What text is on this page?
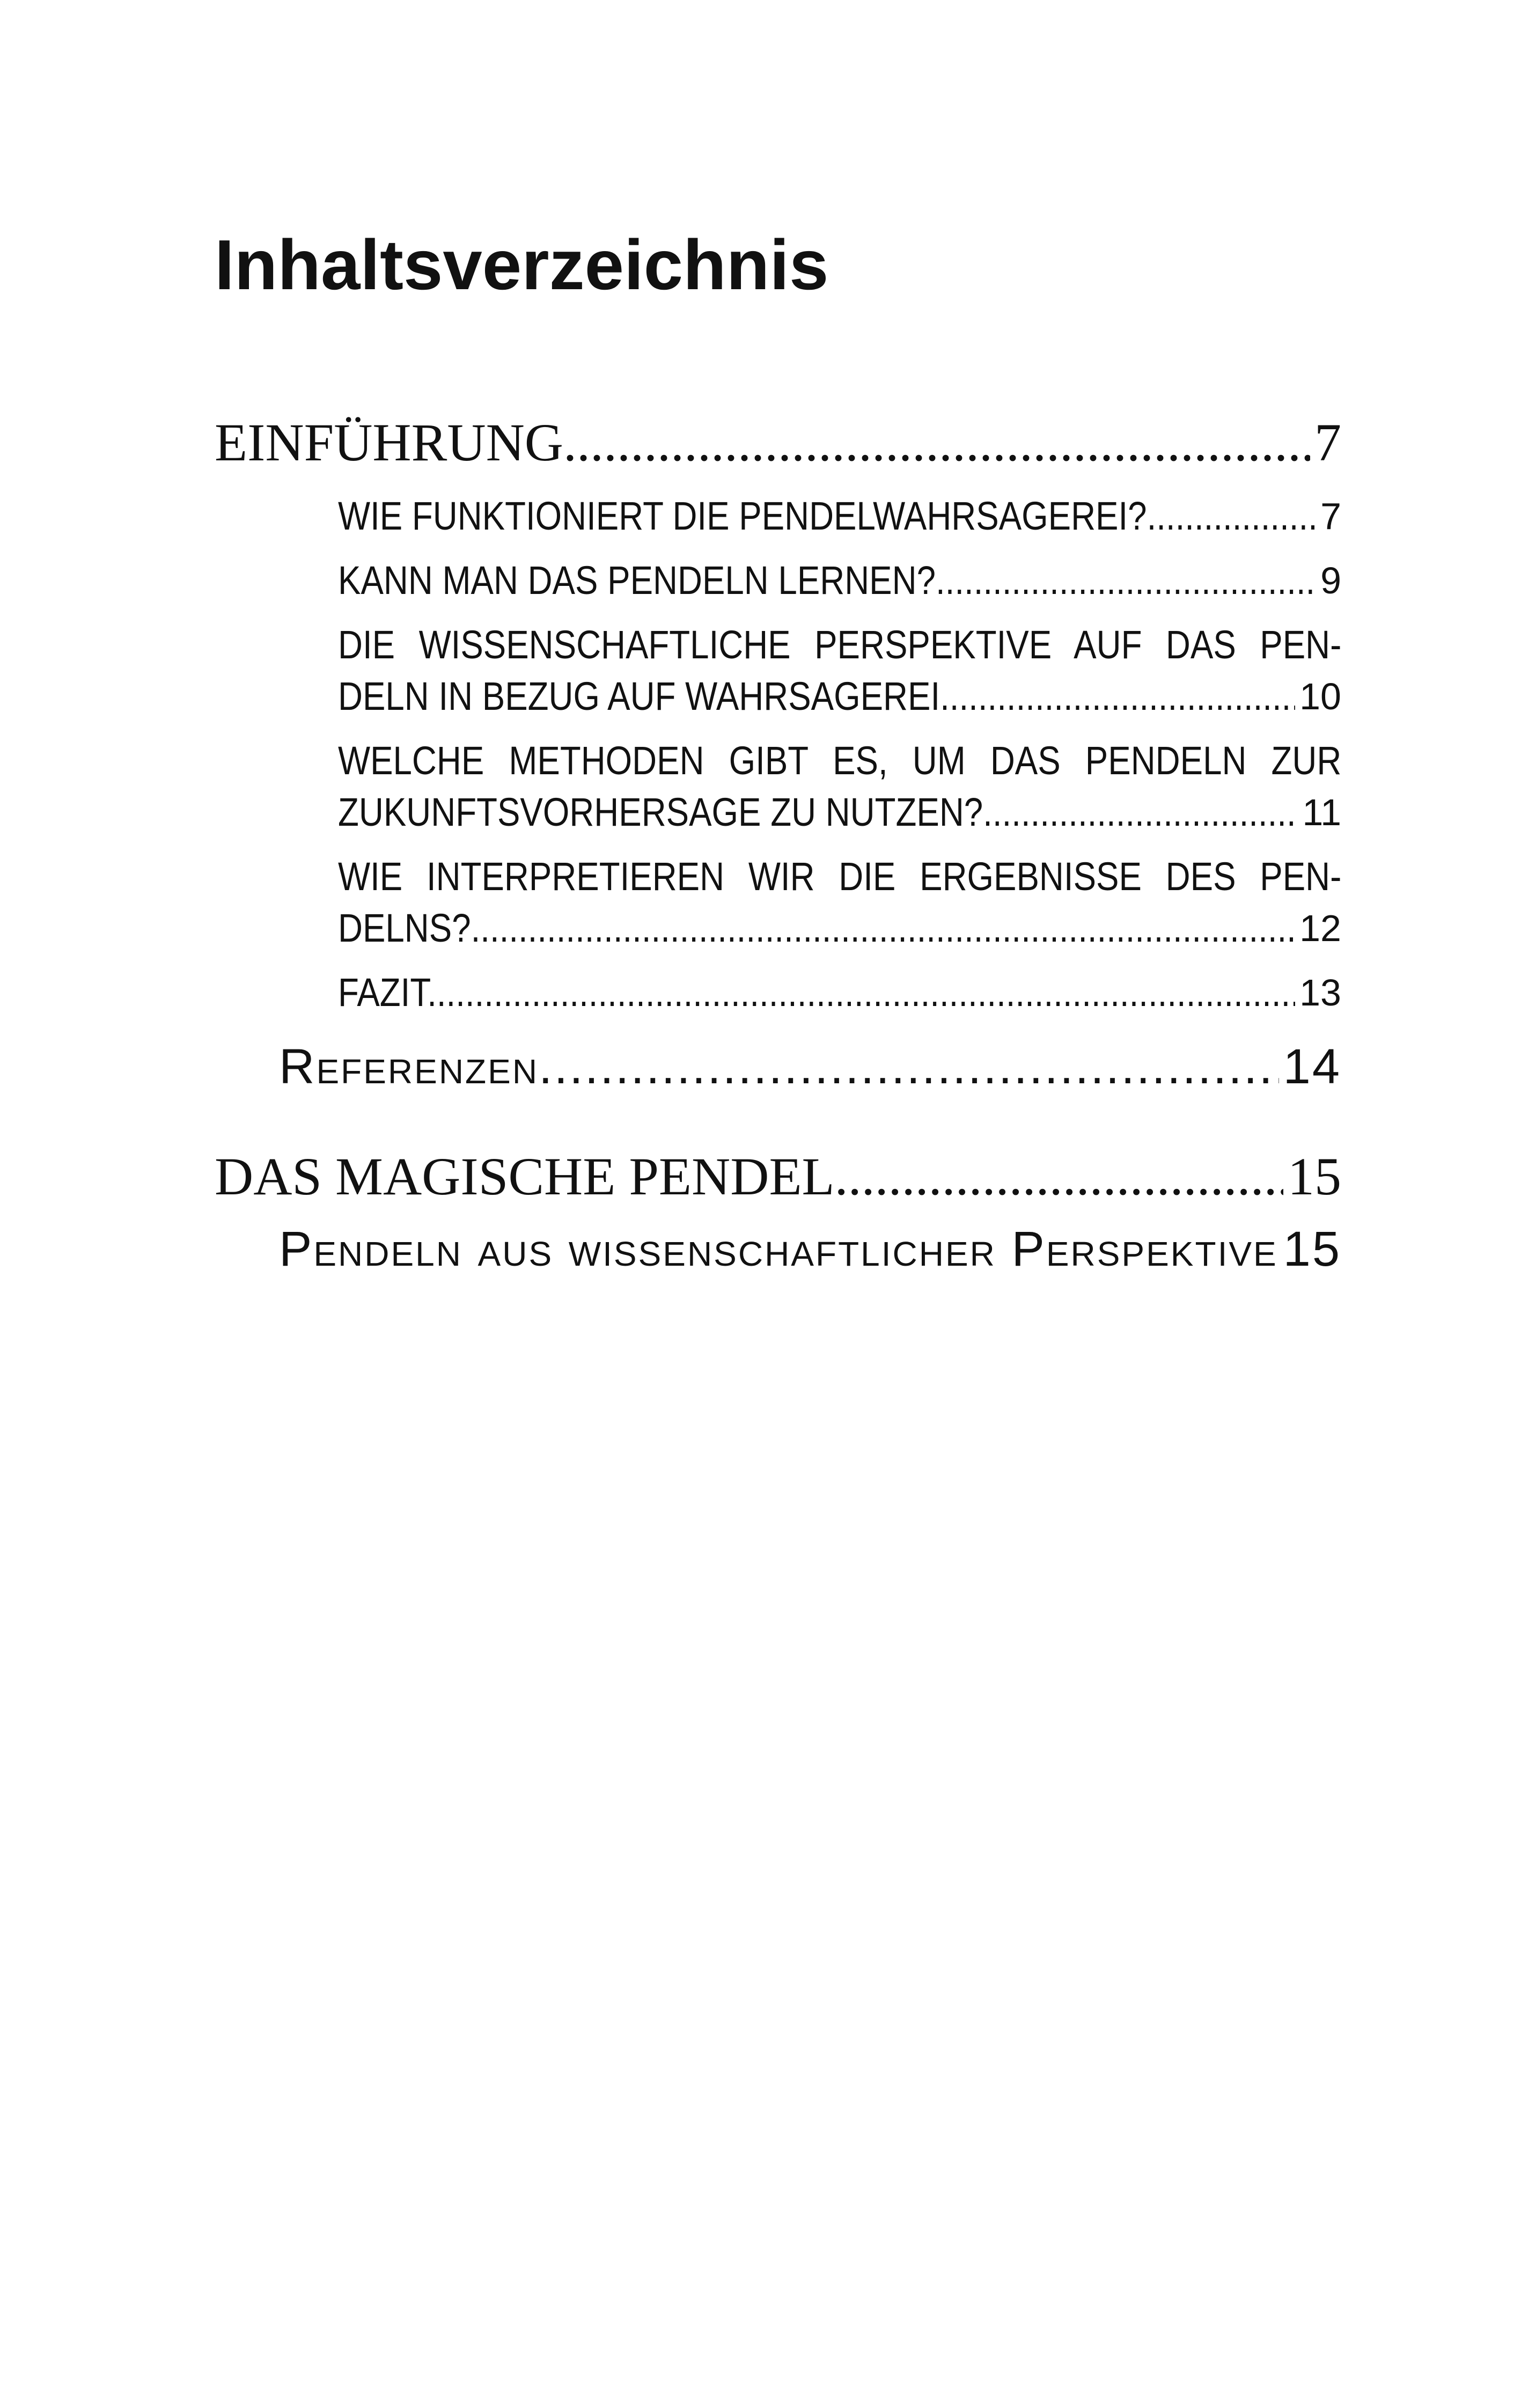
Inhaltsverzeichnis
7
EINFÜHRUNG .....
7
WIE FUNKTIONIERT DIE PENDELWAHRSAGEREI? .....
9
KANN MAN DAS PENDELN LERNEN? .....
DIE WISSENSCHAFTLICHE PERSPEKTIVE AUF DAS PEN-
10
DELN IN BEZUG AUF WAHRSAGEREI .....
WELCHE METHODEN GIBT ES, UM DAS PENDELN ZUR
11
ZUKUNFTSVORHERSAGE ZU NUTZEN? .....
WIE INTERPRETIEREN WIR DIE ERGEBNISSE DES PEN-
12
DELNS? .....
13
FAZIT .....
14
Referenzen .....
15
DAS MAGISCHE PENDEL .....
15
Pendeln aus wissenschaftlicher Perspektive .....
